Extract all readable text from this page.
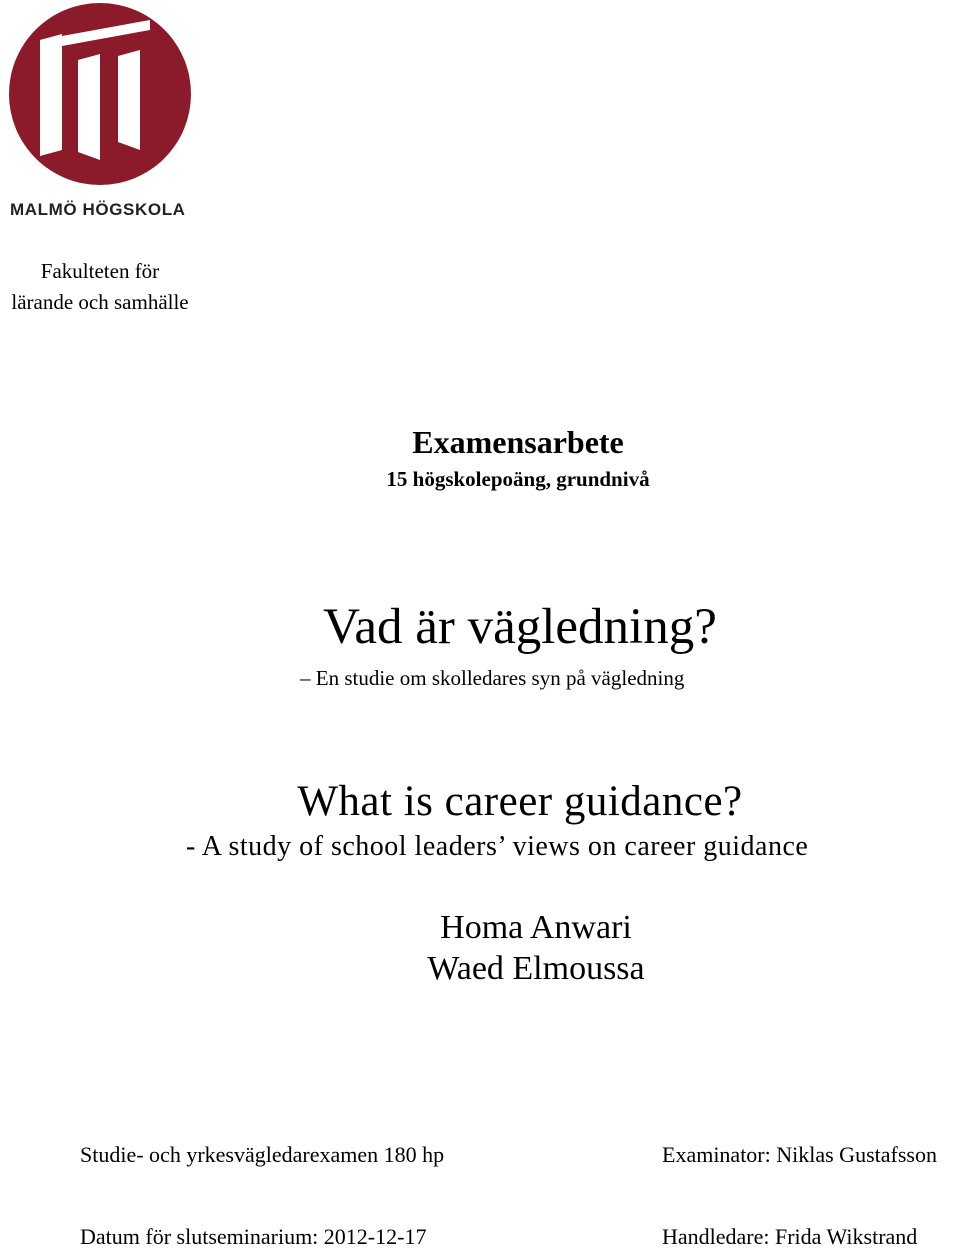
MALMÖ HÖGSKOLA
Fakulteten för
lärande och samhälle
Examensarbete
15 högskolepoäng, grundnivå
Vad är vägledning?
– En studie om skolledares syn på vägledning
What is career guidance?
- A study of school leaders’ views on career guidance
Homa Anwari
Waed Elmoussa
Studie- och yrkesvägledarexamen 180 hp	Examinator: Niklas Gustafsson
Datum för slutseminarium: 2012-12-17	Handledare: Frida Wikstrand
